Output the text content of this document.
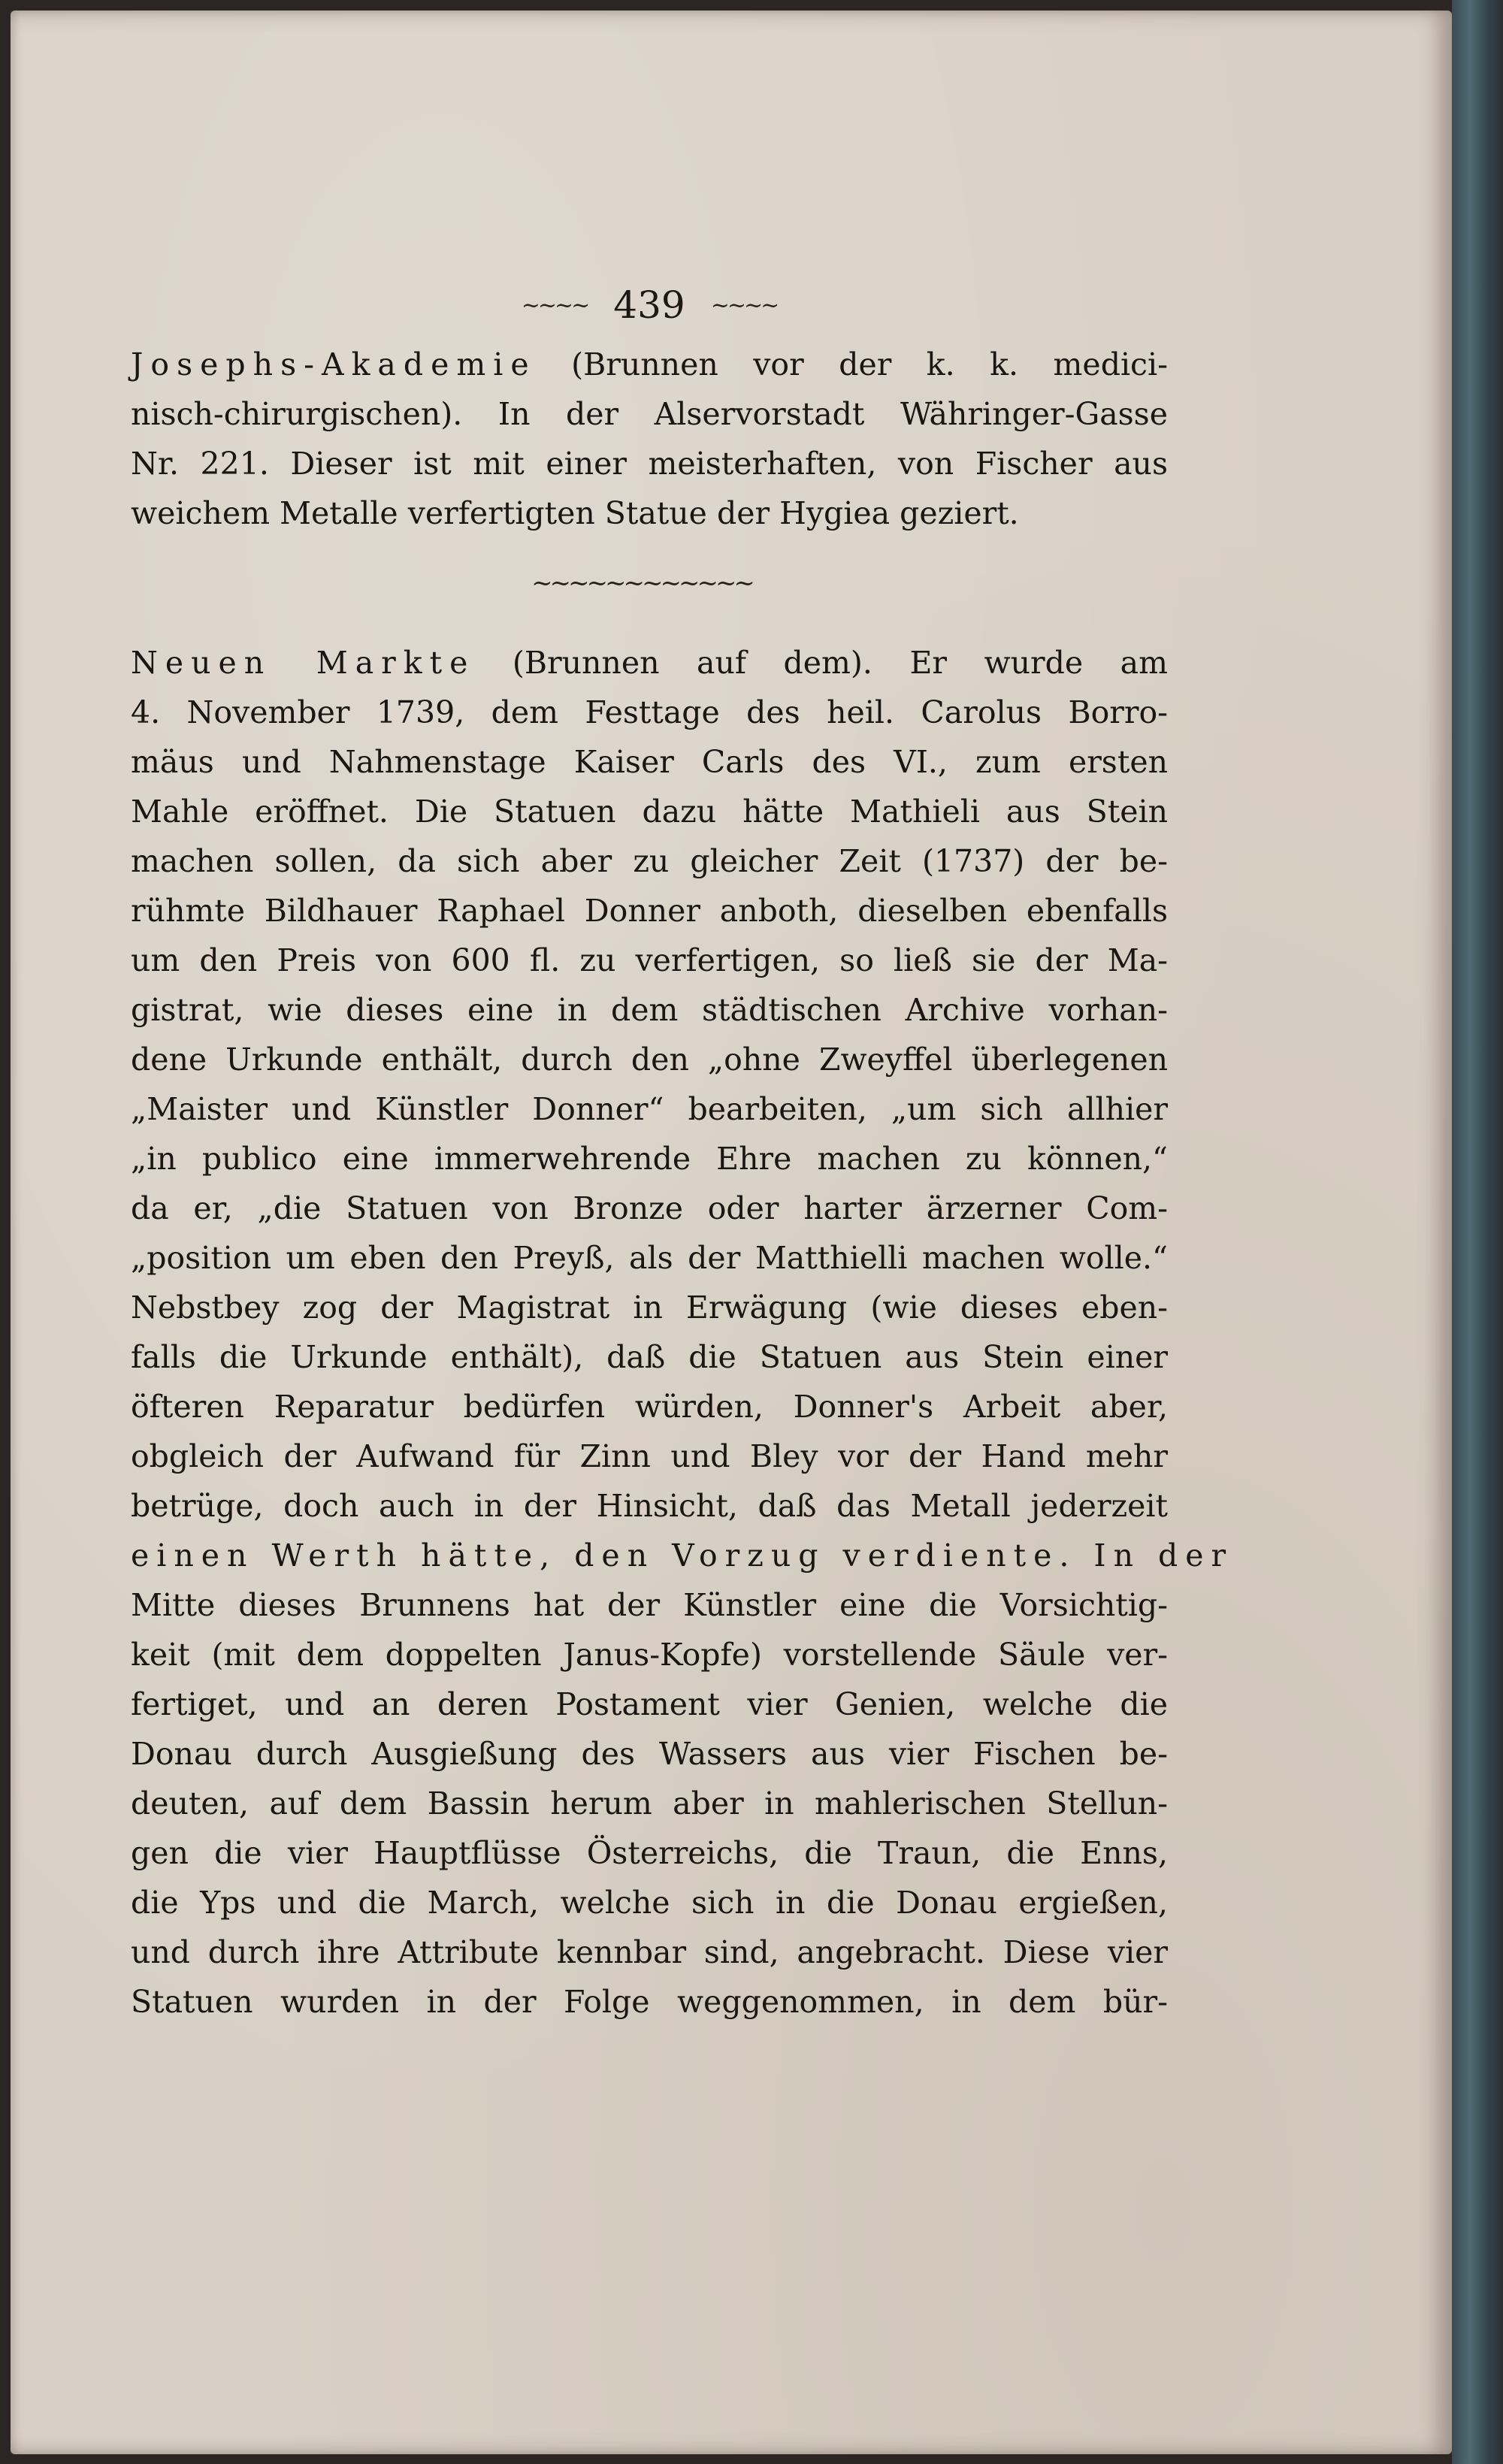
~~~~ 439 ~~~~
Josephs-Akademie (Brunnen vor der k. k. medici-
nisch-chirurgischen). In der Alservorstadt Währinger-Gasse
Nr. 221. Dieser ist mit einer meisterhaften, von Fischer aus
weichem Metalle verfertigten Statue der Hygiea geziert.
~~~~~~~~~~~~
Neuen Markte (Brunnen auf dem). Er wurde am
4. November 1739, dem Festtage des heil. Carolus Borro-
mäus und Nahmenstage Kaiser Carls des VI., zum ersten
Mahle eröffnet. Die Statuen dazu hätte Mathieli aus Stein
machen sollen, da sich aber zu gleicher Zeit (1737) der be-
rühmte Bildhauer Raphael Donner anboth, dieselben ebenfalls
um den Preis von 600 fl. zu verfertigen, so ließ sie der Ma-
gistrat, wie dieses eine in dem städtischen Archive vorhan-
dene Urkunde enthält, durch den „ohne Zweyffel überlegenen
„Maister und Künstler Donner“ bearbeiten, „um sich allhier
„in publico eine immerwehrende Ehre machen zu können,“
da er, „die Statuen von Bronze oder harter ärzerner Com-
„position um eben den Preyß, als der Matthielli machen wolle.“
Nebstbey zog der Magistrat in Erwägung (wie dieses eben-
falls die Urkunde enthält), daß die Statuen aus Stein einer
öfteren Reparatur bedürfen würden, Donner's Arbeit aber,
obgleich der Aufwand für Zinn und Bley vor der Hand mehr
betrüge, doch auch in der Hinsicht, daß das Metall jederzeit
einen Werth hätte, den Vorzug verdiente. In der
Mitte dieses Brunnens hat der Künstler eine die Vorsichtig-
keit (mit dem doppelten Janus-Kopfe) vorstellende Säule ver-
fertiget, und an deren Postament vier Genien, welche die
Donau durch Ausgießung des Wassers aus vier Fischen be-
deuten, auf dem Bassin herum aber in mahlerischen Stellun-
gen die vier Hauptflüsse Österreichs, die Traun, die Enns,
die Yps und die March, welche sich in die Donau ergießen,
und durch ihre Attribute kennbar sind, angebracht. Diese vier
Statuen wurden in der Folge weggenommen, in dem bür-
